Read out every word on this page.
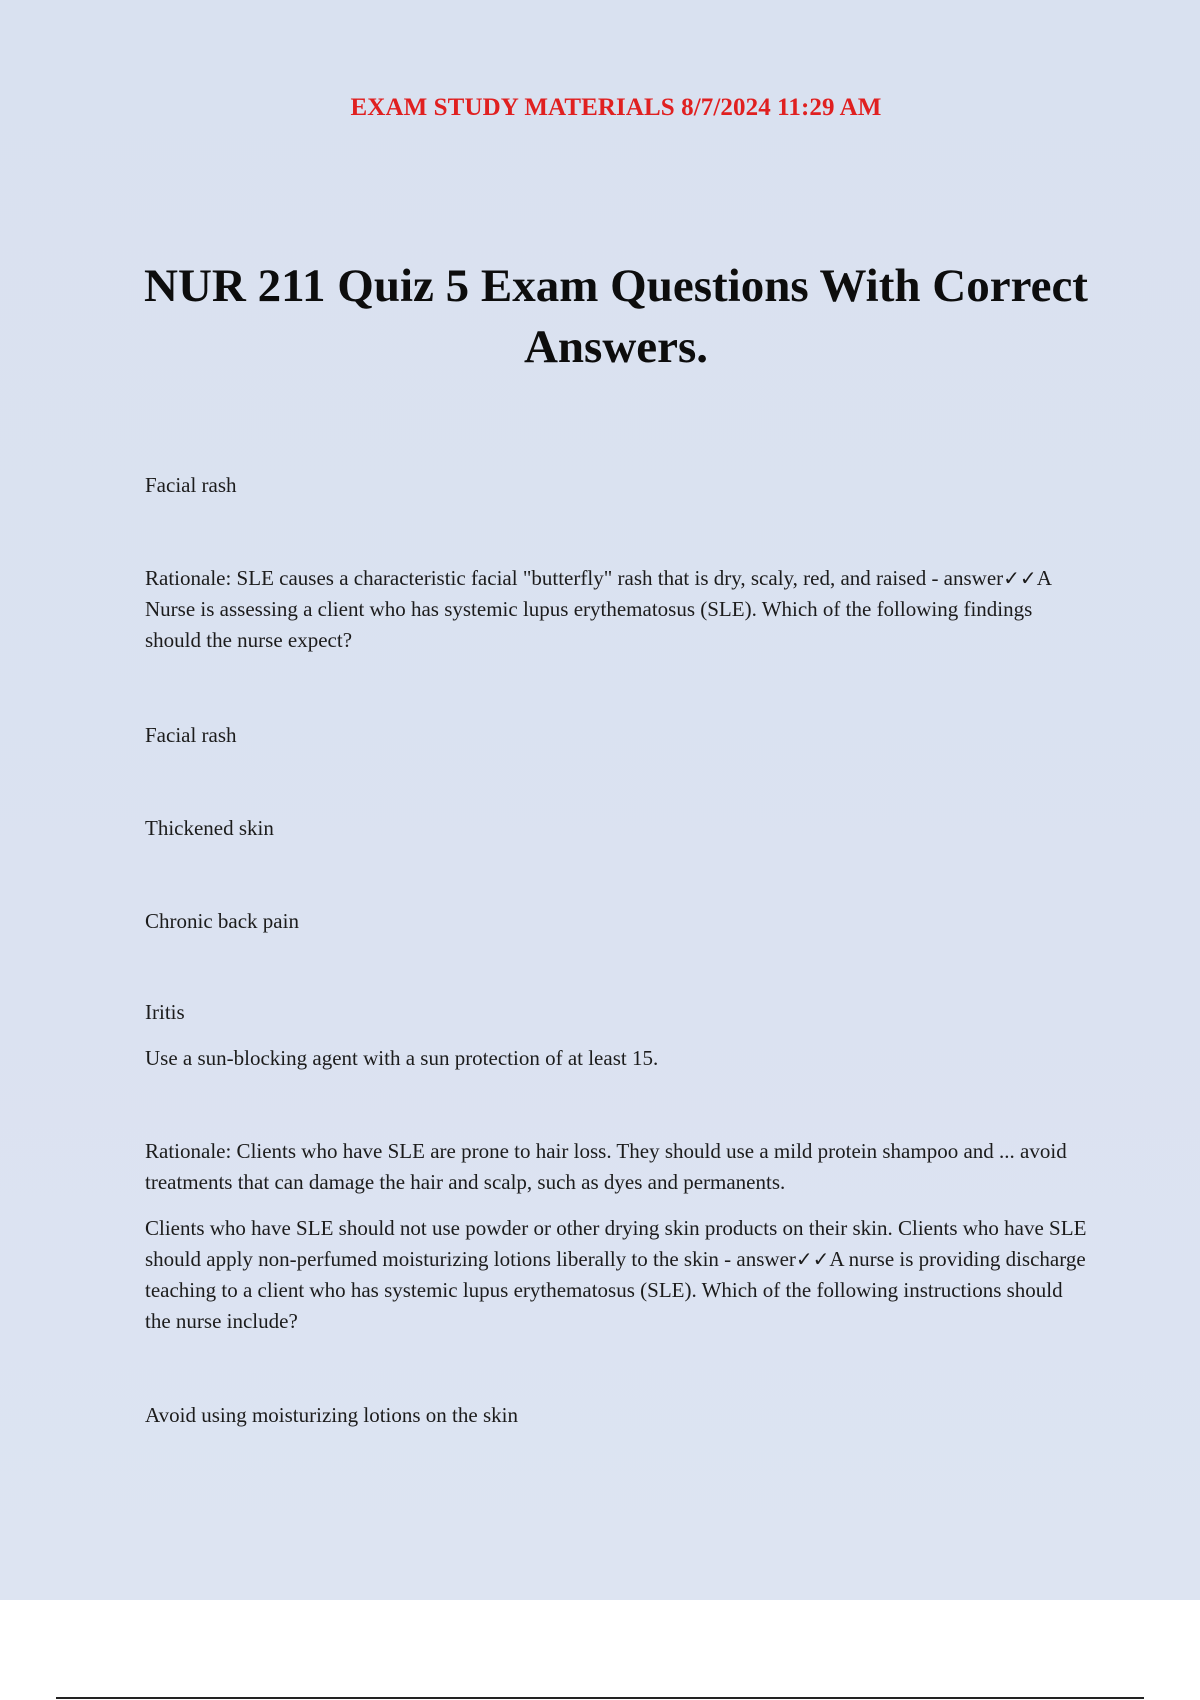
EXAM STUDY MATERIALS 8/7/2024 11:29 AM
NUR 211 Quiz 5 Exam Questions With Correct Answers.
Facial rash
Rationale: SLE causes a characteristic facial "butterfly" rash that is dry, scaly, red, and raised - answer✓✓A Nurse is assessing a client who has systemic lupus erythematosus (SLE). Which of the following findings should the nurse expect?
Facial rash
Thickened skin
Chronic back pain
Iritis
Use a sun-blocking agent with a sun protection of at least 15.
Rationale: Clients who have SLE are prone to hair loss. They should use a mild protein shampoo and ... avoid treatments that can damage the hair and scalp, such as dyes and permanents.
Clients who have SLE should not use powder or other drying skin products on their skin. Clients who have SLE should apply non-perfumed moisturizing lotions liberally to the skin - answer✓✓A nurse is providing discharge teaching to a client who has systemic lupus erythematosus (SLE). Which of the following instructions should the nurse include?
Avoid using moisturizing lotions on the skin
